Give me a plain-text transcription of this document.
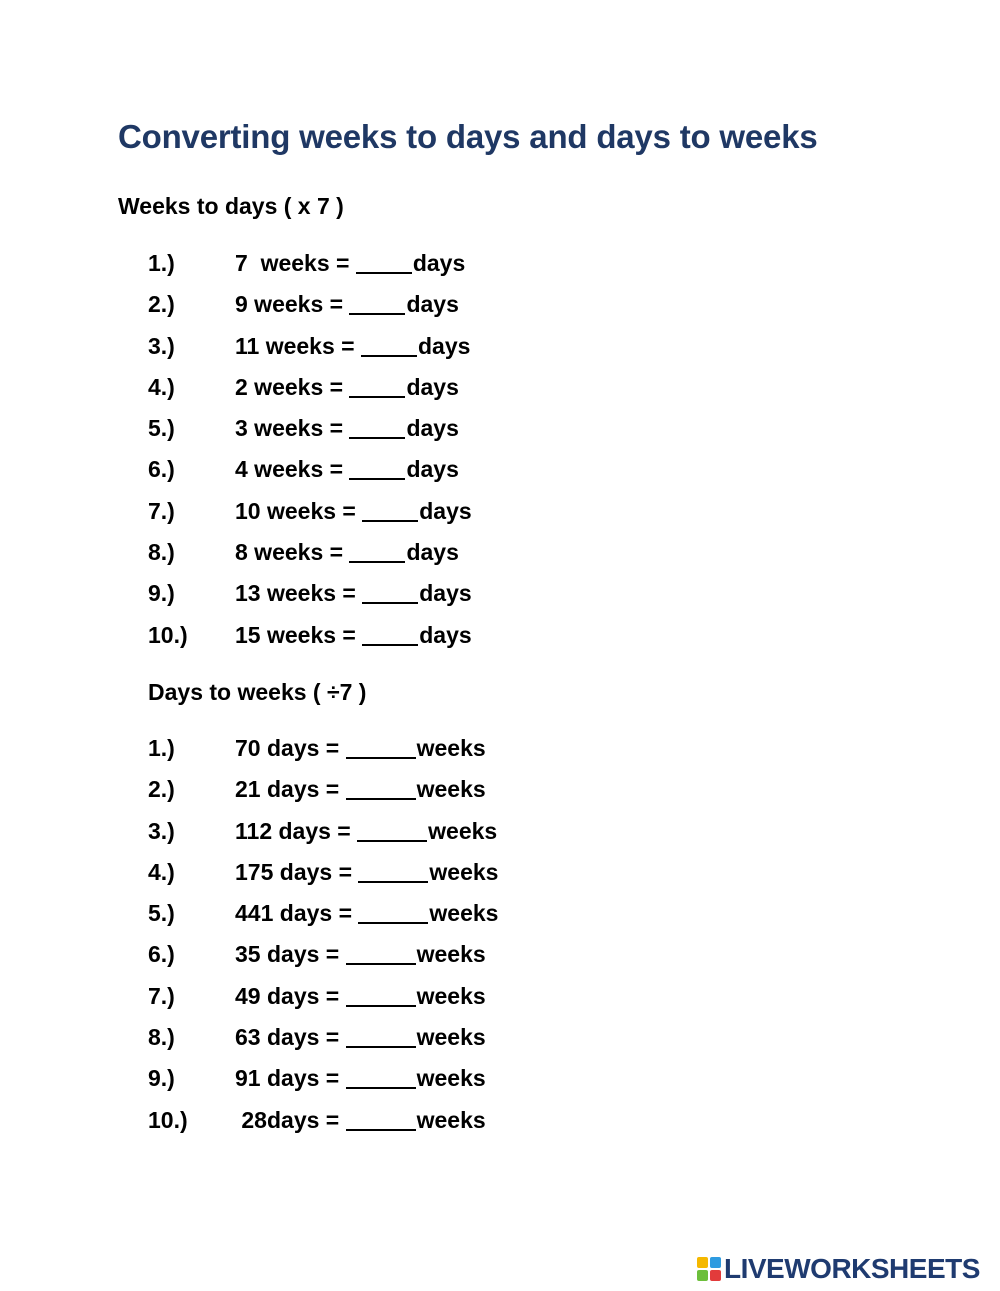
Converting weeks to days and days to weeks
Weeks to days ( x 7 )
1.)	7  weeks = days
2.)	9 weeks = days
3.)	11 weeks = days
4.)	2 weeks = days
5.)	3 weeks = days
6.)	4 weeks = days
7.)	10 weeks = days
8.)	8 weeks = days
9.)	13 weeks = days
10.)	15 weeks = days
Days to weeks ( ÷7 )
1.)	70 days =	weeks
2.)	21 days =	weeks
3.)	112 days =	weeks
4.)	175 days =	weeks
5.)	441 days =	weeks
6.)	35 days =	weeks
7.)	49 days =	weeks
8.)	63 days =	weeks
9.)	91 days =	weeks
10.)	28days =	weeks
LIVEWORKSHEETS
